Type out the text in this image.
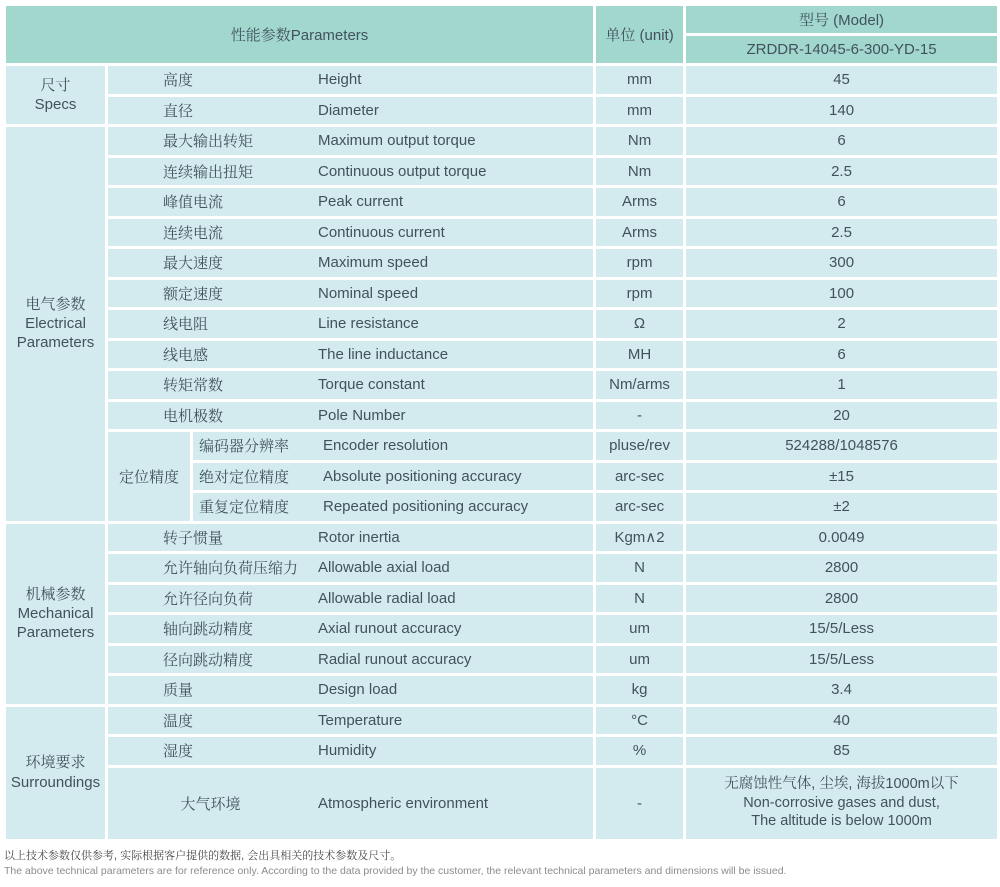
性能参数Parameters			单位 (unit)	型号 (Model)
				ZRDDR-14045-6-300-YD-15

尺寸
Specs	高度 Height		mm	45
	直径 Diameter		mm	140

电气参数
Electrical Parameters	最大输出转矩 Maximum output torque		Nm	6
	连续输出扭矩 Continuous output torque		Nm	2.5
	峰值电流 Peak current		Arms	6
	连续电流 Continuous current		Arms	2.5
	最大速度 Maximum speed		rpm	300
	额定速度 Nominal speed		rpm	100
	线电阻 Line resistance		Ω	2
	线电感 The line inductance		MH	6
	转矩常数 Torque constant		Nm/arms	1
	电机极数 Pole Number		-	20
	定位精度	编码器分辨率 Encoder resolution	pluse/rev	524288/1048576
		绝对定位精度 Absolute positioning accuracy	arc-sec	±15
		重复定位精度 Repeated positioning accuracy	arc-sec	±2

机械参数
Mechanical Parameters	转子惯量 Rotor inertia		Kgm∧2	0.0049
	允许轴向负荷压缩力 Allowable axial load		N	2800
	允许径向负荷 Allowable radial load		N	2800
	轴向跳动精度 Axial runout accuracy		um	15/5/Less
	径向跳动精度 Radial runout accuracy		um	15/5/Less
	质量 Design load		kg	3.4

环境要求
Surroundings	温度 Temperature		°C	40
	湿度 Humidity		%	85
	大气环境 Atmospheric environment		-	无腐蚀性气体, 尘埃, 海拔1000m以下
Non-corrosive gases and dust,
The altitude is below 1000m
以上技术参数仅供参考, 实际根据客户提供的数据, 会出具相关的技术参数及尺寸。
The above technical parameters are for reference only. According to the data provided by the customer, the relevant technical parameters and dimensions will be issued.
